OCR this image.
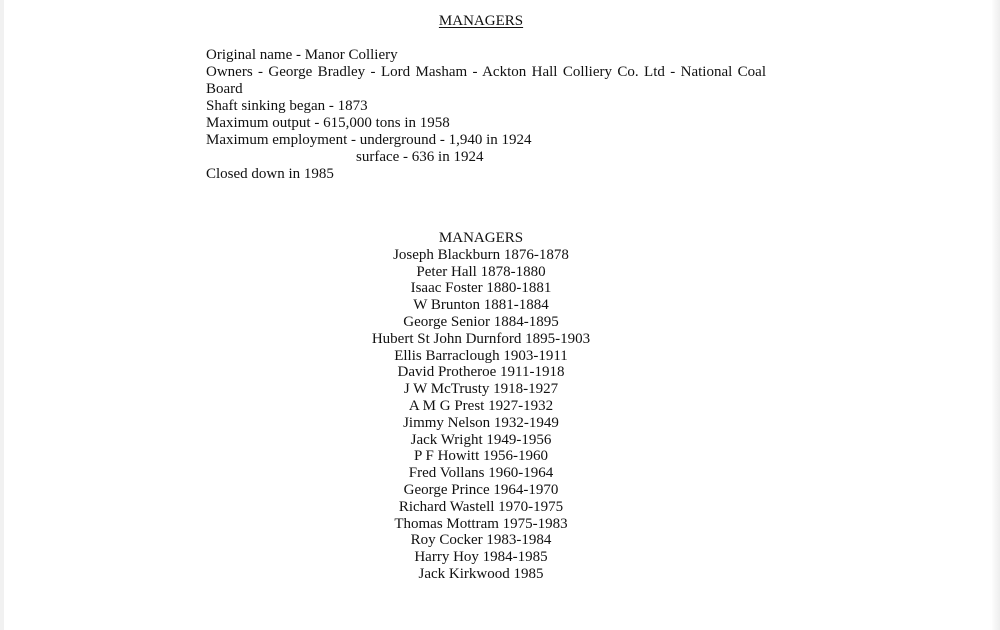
MANAGERS
Original name - Manor Colliery
Owners - George Bradley - Lord Masham - Ackton Hall Colliery Co. Ltd - National Coal Board
Shaft sinking began - 1873
Maximum output - 615,000 tons in 1958
Maximum employment - underground - 1,940 in 1924
surface - 636 in 1924
Closed down in 1985
MANAGERS
Joseph Blackburn 1876-1878
Peter Hall 1878-1880
Isaac Foster 1880-1881
W Brunton 1881-1884
George Senior 1884-1895
Hubert St John Durnford 1895-1903
Ellis Barraclough 1903-1911
David Protheroe 1911-1918
J W McTrusty 1918-1927
A M G Prest 1927-1932
Jimmy Nelson 1932-1949
Jack Wright 1949-1956
P F Howitt 1956-1960
Fred Vollans 1960-1964
George Prince 1964-1970
Richard Wastell 1970-1975
Thomas Mottram 1975-1983
Roy Cocker 1983-1984
Harry Hoy 1984-1985
Jack Kirkwood 1985
